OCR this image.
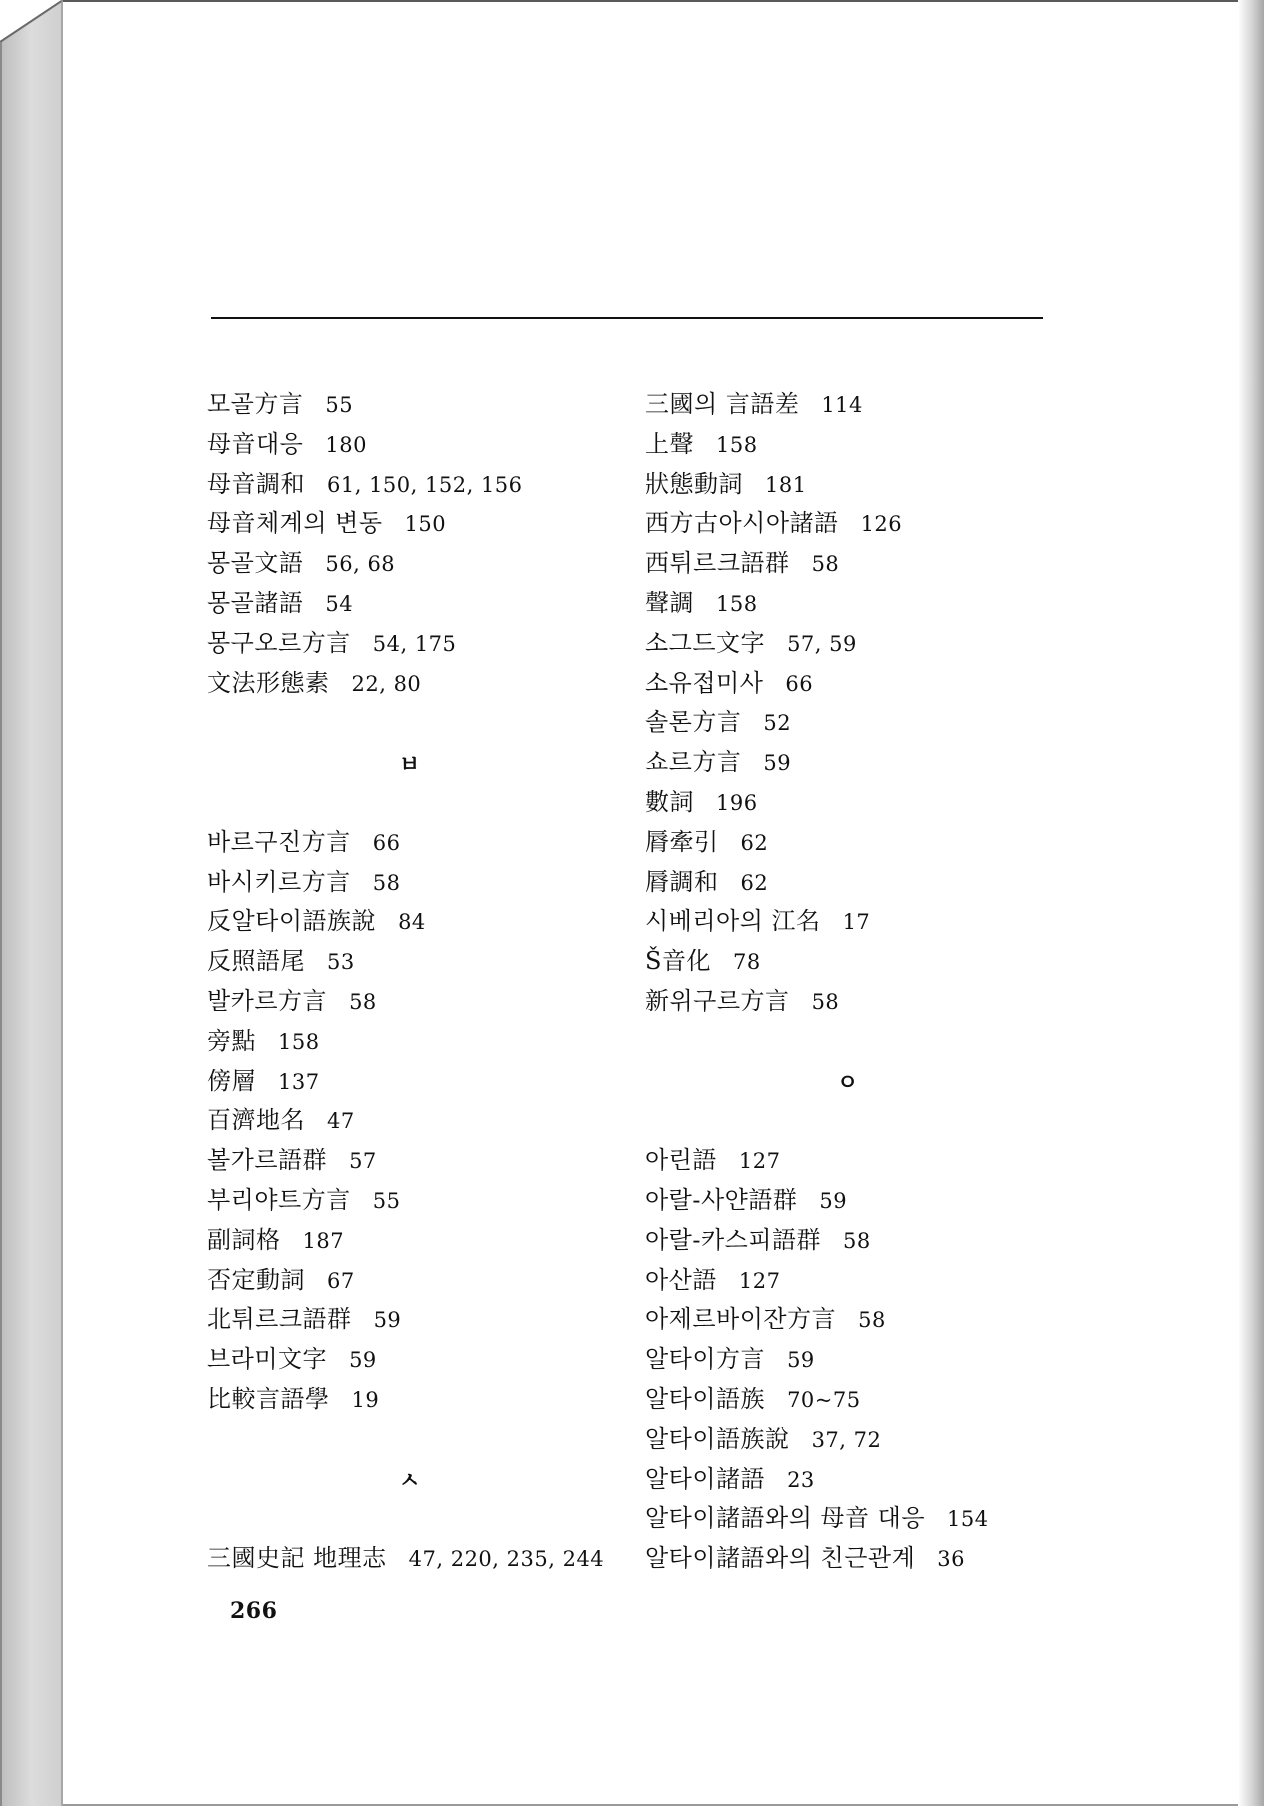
모골方言 55
母音대응 180
母音調和 61, 150, 152, 156
母音체계의 변동 150
몽골文語 56, 68
몽골諸語 54
몽구오르方言 54, 175
文法形態素 22, 80
ㅂ
바르구진方言 66
바시키르方言 58
反알타이語族說 84
反照語尾 53
발카르方言 58
旁點 158
傍層 137
百濟地名 47
볼가르語群 57
부리야트方言 55
副詞格 187
否定動詞 67
北튀르크語群 59
브라미文字 59
比較言語學 19
ㅅ
三國史記 地理志 47, 220, 235, 244
三國의 言語差 114
上聲 158
狀態動詞 181
西方古아시아諸語 126
西튀르크語群 58
聲調 158
소그드文字 57, 59
소유접미사 66
솔론方言 52
쇼르方言 59
數詞 196
脣牽引 62
脣調和 62
시베리아의 江名 17
Š音化 78
新위구르方言 58
ㅇ
아린語 127
아랄-사얀語群 59
아랄-카스피語群 58
아산語 127
아제르바이잔方言 58
알타이方言 59
알타이語族 70~75
알타이語族說 37, 72
알타이諸語 23
알타이諸語와의 母音 대응 154
알타이諸語와의 친근관계 36
266
